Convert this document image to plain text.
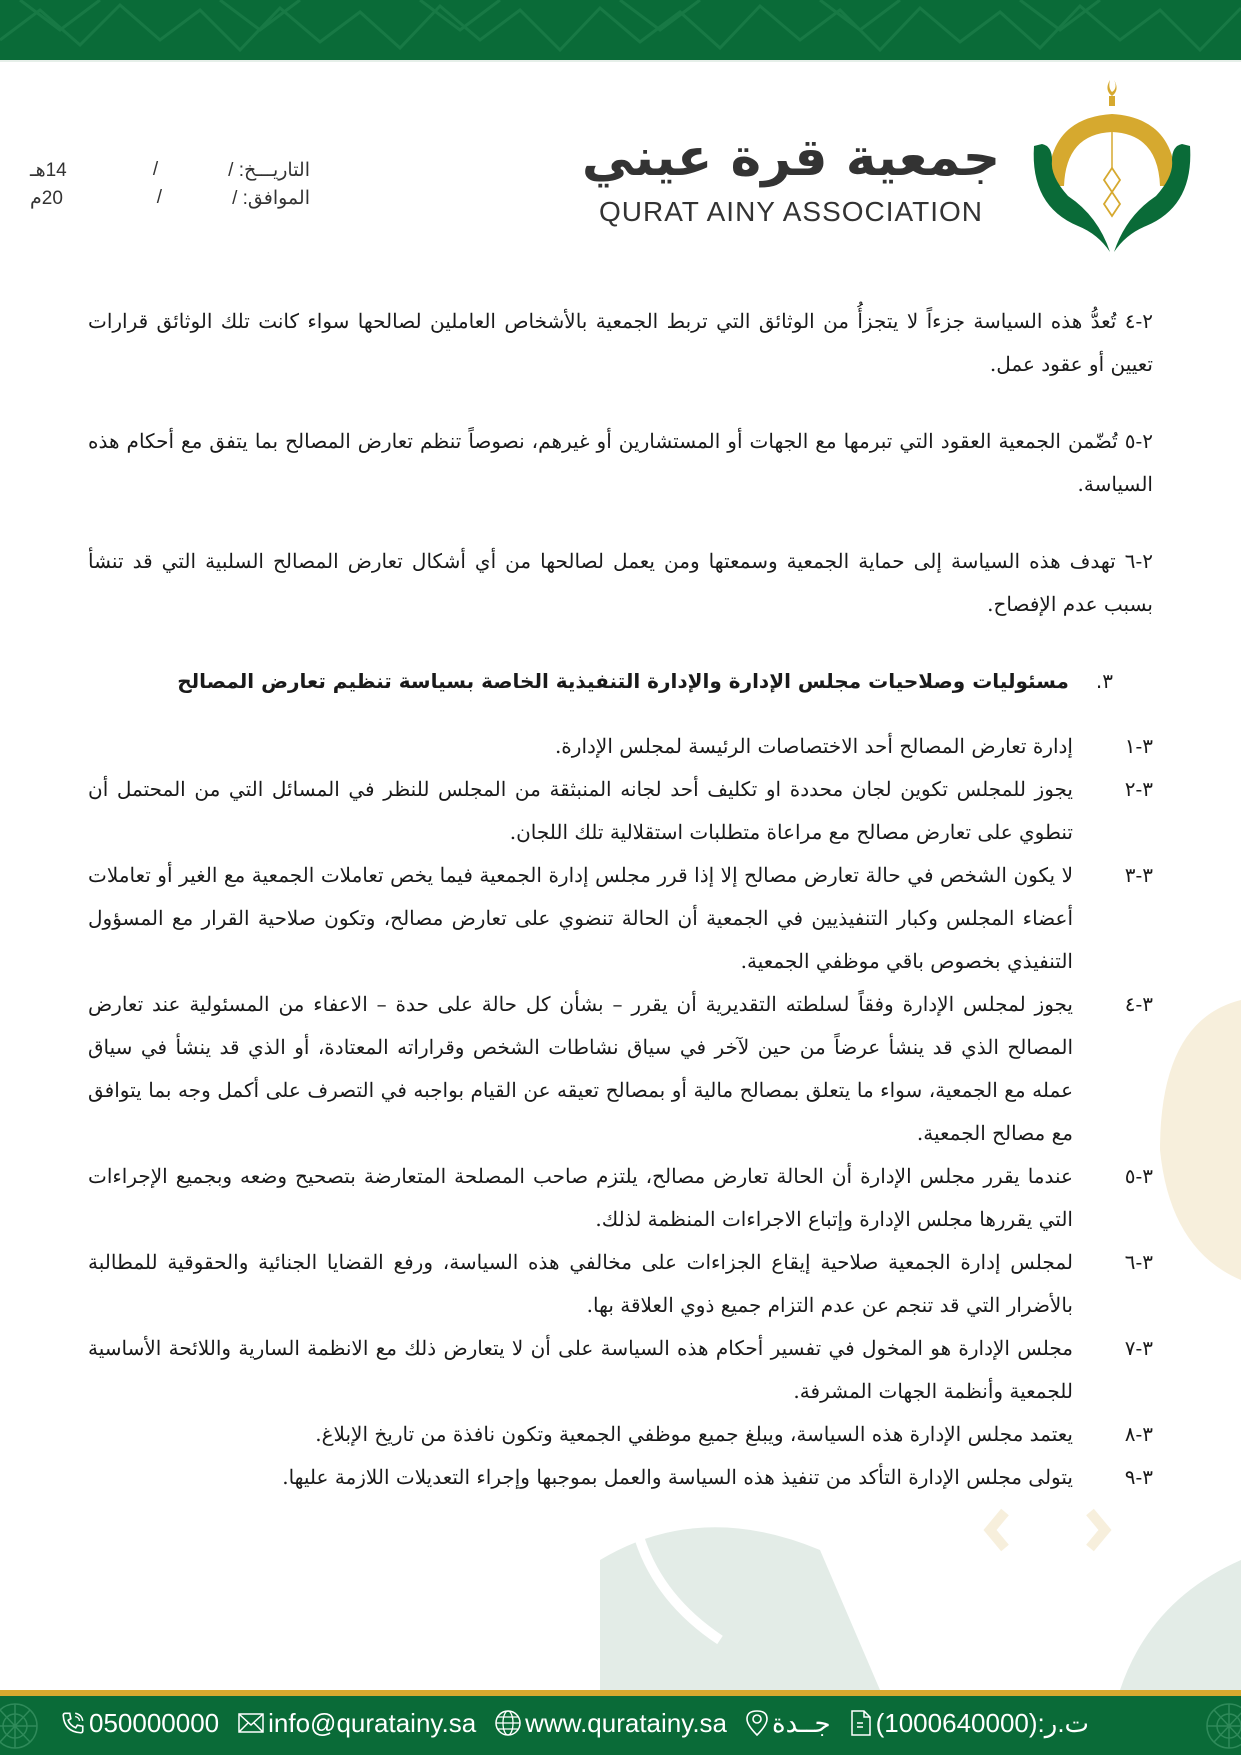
التاريـــخ: /
/
14هـ
الموافق: /
/
20م
جمعية قرة عيني
QURAT AINY ASSOCIATION

٢-٤ تُعدُّ هذه السياسة جزءاً لا يتجزأُ من الوثائق التي تربط الجمعية بالأشخاص العاملين لصالحها سواء كانت تلك الوثائق قرارات تعيين أو عقود عمل.

٢-٥ تُضّمن الجمعية العقود التي تبرمها مع الجهات أو المستشارين أو غيرهم، نصوصاً تنظم تعارض المصالح بما يتفق مع أحكام هذه السياسة.

٢-٦ تهدف هذه السياسة إلى حماية الجمعية وسمعتها ومن يعمل لصالحها من أي أشكال تعارض المصالح السلبية التي قد تنشأ بسبب عدم الإفصاح.

٣. مسئوليات وصلاحيات مجلس الإدارة والإدارة التنفيذية الخاصة بسياسة تنظيم تعارض المصالح
٣-١
إدارة تعارض المصالح أحد الاختصاصات الرئيسة لمجلس الإدارة.
٣-٢
يجوز للمجلس تكوين لجان محددة او تكليف أحد لجانه المنبثقة من المجلس للنظر في المسائل التي من المحتمل أن تنطوي على تعارض مصالح مع مراعاة متطلبات استقلالية تلك اللجان.
٣-٣
لا يكون الشخص في حالة تعارض مصالح إلا إذا قرر مجلس إدارة الجمعية فيما يخص تعاملات الجمعية مع الغير أو تعاملات أعضاء المجلس وكبار التنفيذيين في الجمعية أن الحالة تنضوي على تعارض مصالح، وتكون صلاحية القرار مع المسؤول التنفيذي بخصوص باقي موظفي الجمعية.
٣-٤
يجوز لمجلس الإدارة وفقاً لسلطته التقديرية أن يقرر – بشأن كل حالة على حدة – الاعفاء من المسئولية عند تعارض المصالح الذي قد ينشأ عرضاً من حين لآخر في سياق نشاطات الشخص وقراراته المعتادة، أو الذي قد ينشأ في سياق عمله مع الجمعية، سواء ما يتعلق بمصالح مالية أو بمصالح تعيقه عن القيام بواجبه في التصرف على أكمل وجه بما يتوافق مع مصالح الجمعية.
٣-٥
عندما يقرر مجلس الإدارة أن الحالة تعارض مصالح، يلتزم صاحب المصلحة المتعارضة بتصحيح وضعه وبجميع الإجراءات التي يقررها مجلس الإدارة وإتباع الاجراءات المنظمة لذلك.
٣-٦
لمجلس إدارة الجمعية صلاحية إيقاع الجزاءات على مخالفي هذه السياسة، ورفع القضايا الجنائية والحقوقية للمطالبة بالأضرار التي قد تنجم عن عدم التزام جميع ذوي العلاقة بها.
٣-٧
مجلس الإدارة هو المخول في تفسير أحكام هذه السياسة على أن لا يتعارض ذلك مع الانظمة السارية واللائحة الأساسية للجمعية وأنظمة الجهات المشرفة.
٣-٨
يعتمد مجلس الإدارة هذه السياسة، ويبلغ جميع موظفي الجمعية وتكون نافذة من تاريخ الإبلاغ.
٣-٩
يتولى مجلس الإدارة التأكد من تنفيذ هذه السياسة والعمل بموجبها وإجراء التعديلات اللازمة عليها.
050000000 info@quratainy.sa www.quratainy.sa جــدة ت.ر:(1000640000)
